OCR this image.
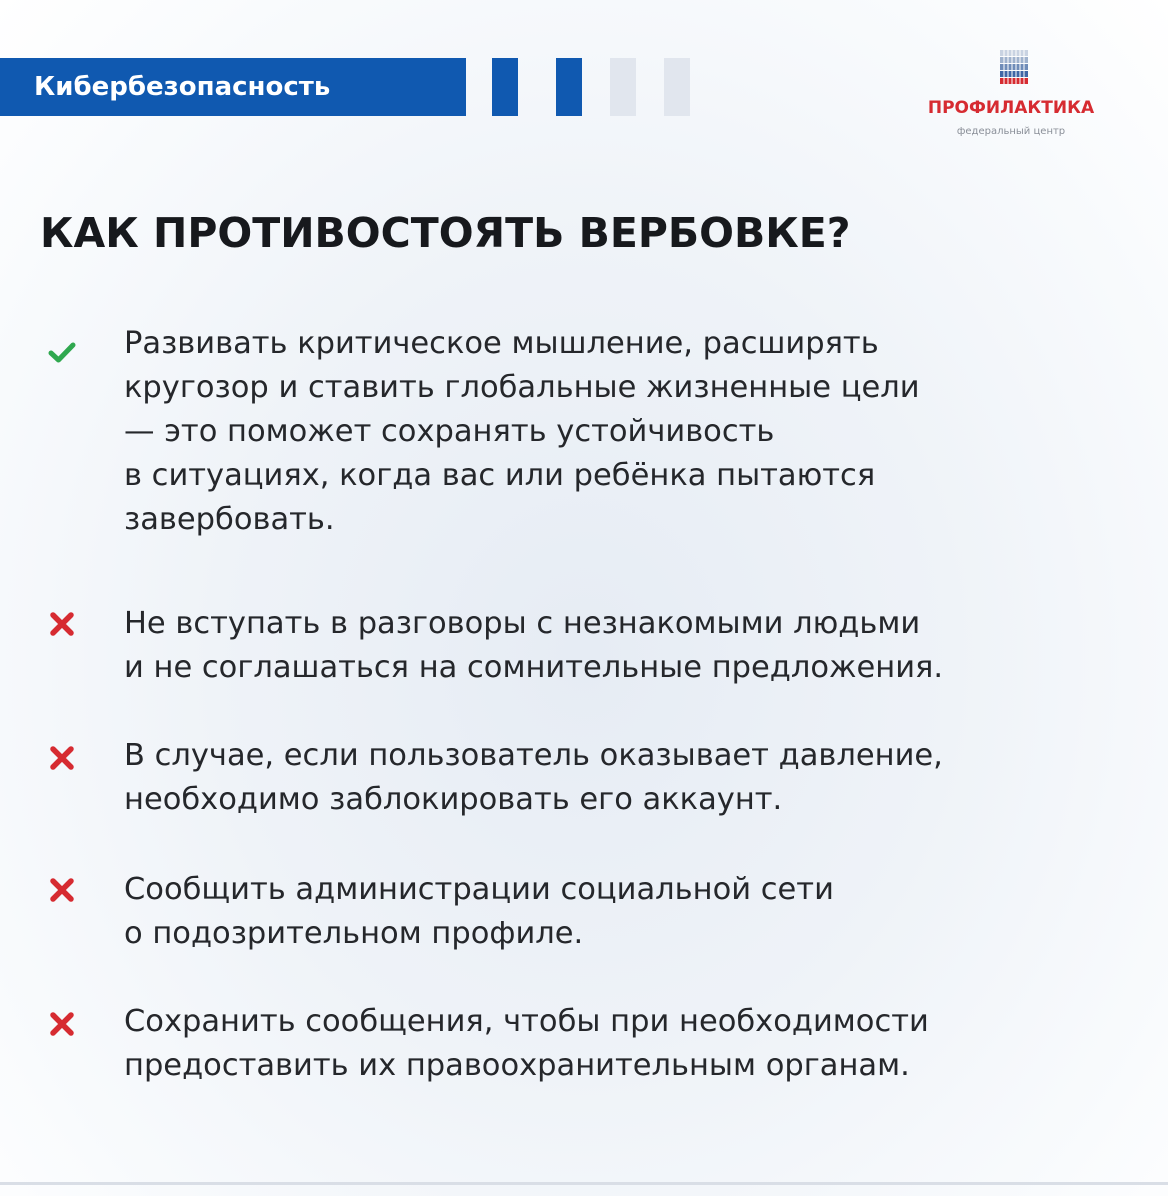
Кибербезопасность
ПРОФИЛАКТИКА
федеральный центр
КАК ПРОТИВОСТОЯТЬ ВЕРБОВКЕ?

Развивать критическое мышление, расширять
кругозор и ставить глобальные жизненные цели
— это поможет сохранять устойчивость
в ситуациях, когда вас или ребёнка пытаются
завербовать.

Не вступать в разговоры с незнакомыми людьми
и не соглашаться на сомнительные предложения.

В случае, если пользователь оказывает давление,
необходимо заблокировать его аккаунт.

Сообщить администрации социальной сети
о подозрительном профиле.

Сохранить сообщения, чтобы при необходимости
предоставить их правоохранительным органам.
